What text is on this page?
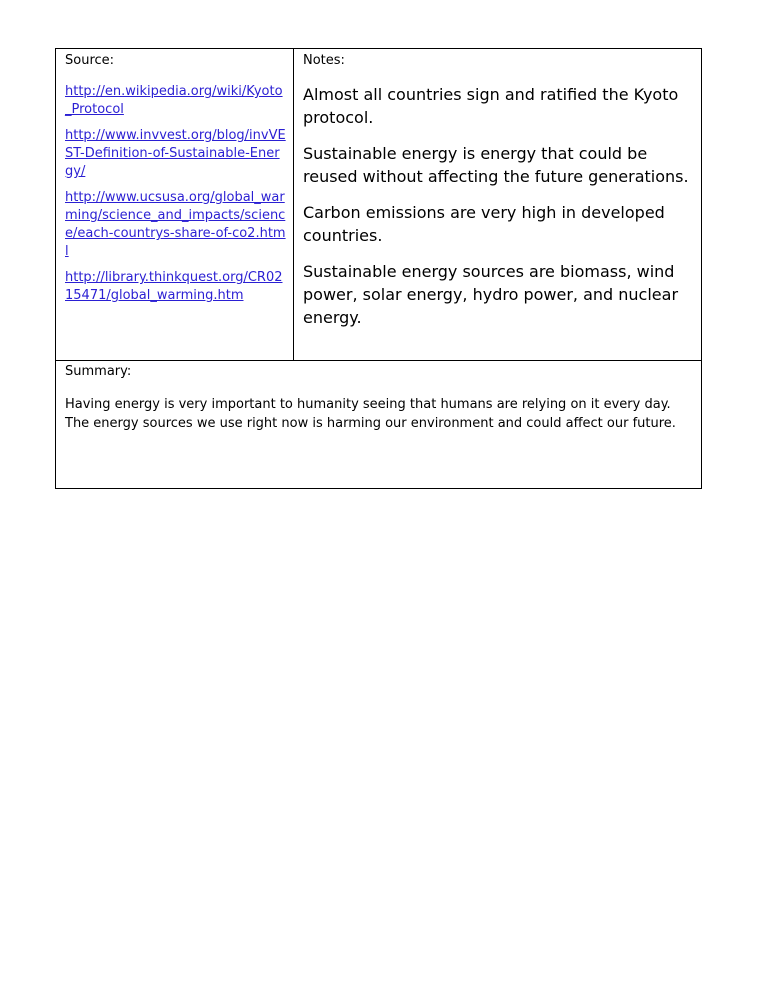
Source:

http://en.wikipedia.org/wiki/Kyoto_Protocol
http://www.invvest.org/blog/invVEST-Definition-of-Sustainable-Energy/
http://www.ucsusa.org/global_warming/science_and_impacts/science/each-countrys-share-of-co2.html
http://library.thinkquest.org/CR0215471/global_warming.htm

Notes:

Almost all countries sign and ratified the Kyoto protocol.
Sustainable energy is energy that could be reused without affecting the future generations.
Carbon emissions are very high in developed countries.
Sustainable energy sources are biomass, wind power, solar energy, hydro power, and nuclear energy.

Summary:

Having energy is very important to humanity seeing that humans are relying on it every day. The energy sources we use right now is harming our environment and could affect our future.
